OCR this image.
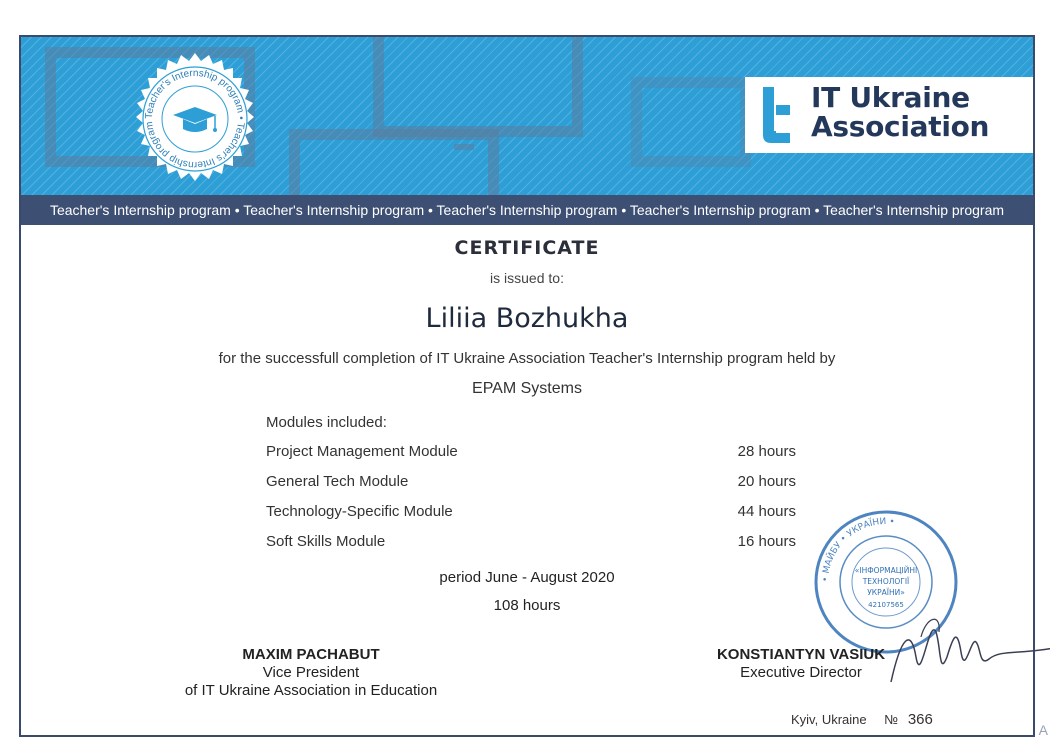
Teacher's Internship program • Teacher's Internship program
IT Ukraine
Association
Teacher's Internship program • Teacher's Internship program • Teacher's Internship program • Teacher's Internship program • Teacher's Internship program
CERTIFICATE
is issued to:
Liliia Bozhukha
for the successfull completion of IT Ukraine Association Teacher's Internship program held by
EPAM Systems
Modules included:
Project Management Module	28 hours
General Tech Module	20 hours
Technology-Specific Module	44 hours
Soft Skills Module	16 hours
period June - August 2020
108 hours
MAXIM PACHABUT
Vice President
of IT Ukraine Association in Education
• МАЙБУ • УКРАЇНИ •
«IНФОРМАЦIЙНI
ТЕХНОЛОГIЇ
УКРАЇНИ»
42107565
KONSTIANTYN VASIUK
Executive Director
Kyiv, Ukraine № 366
A
